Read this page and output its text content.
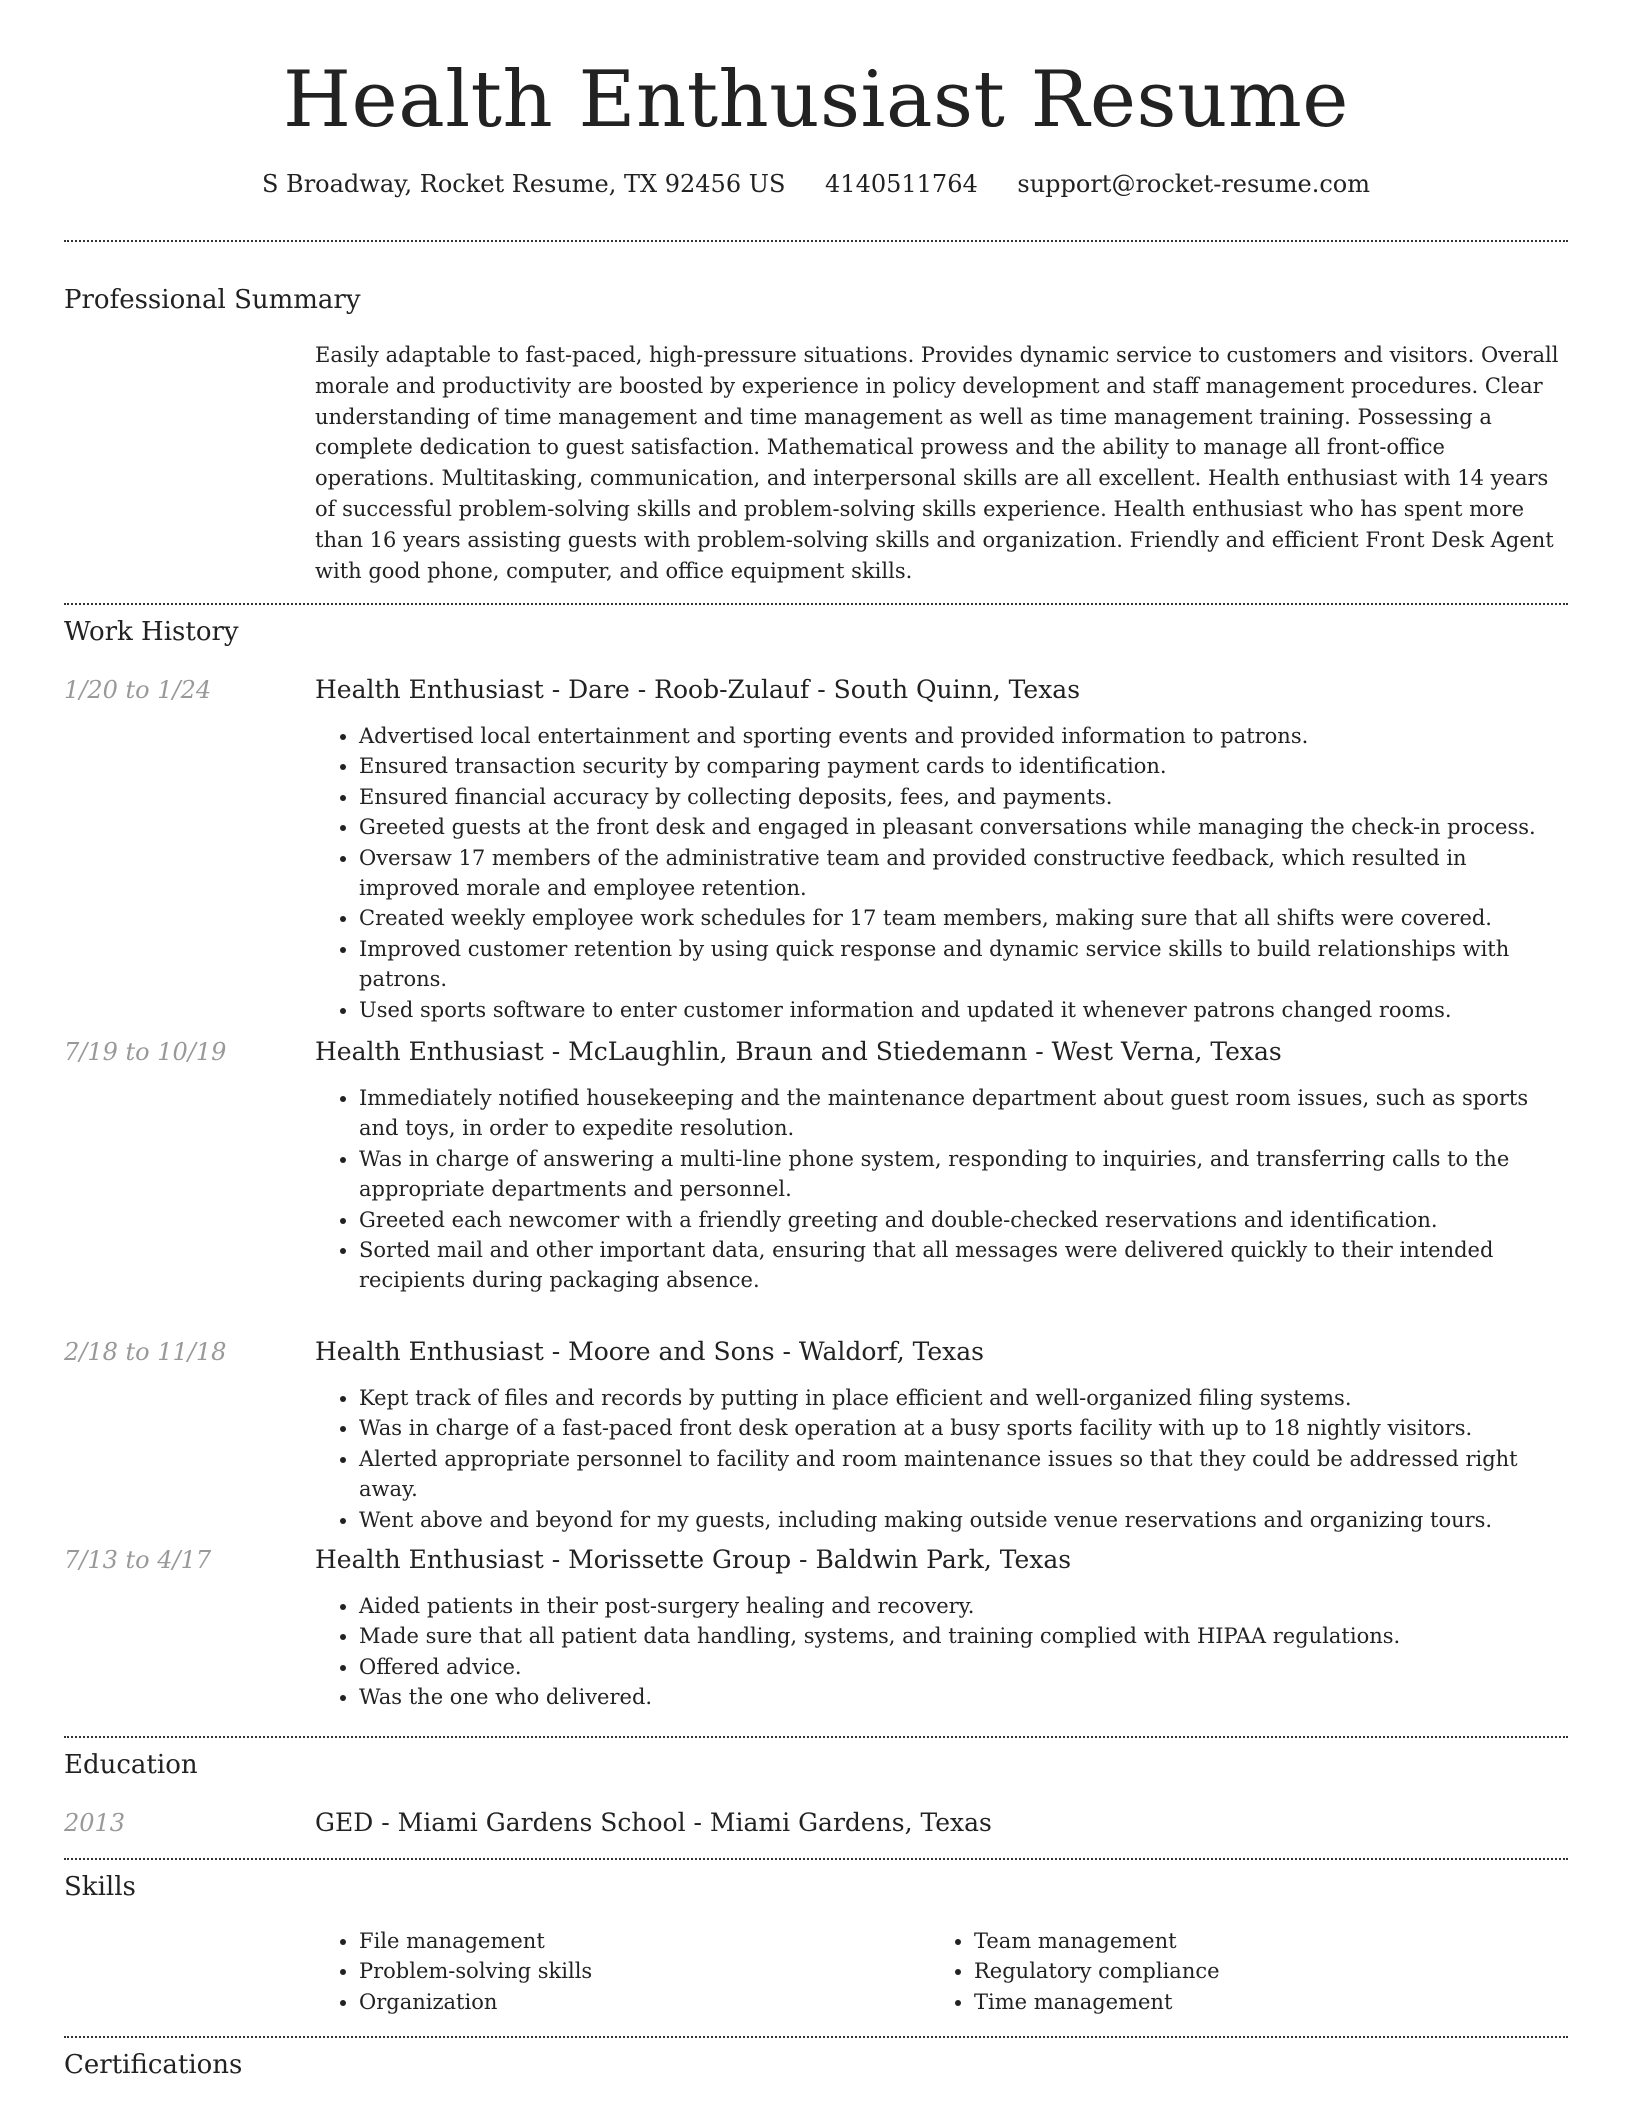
Health Enthusiast Resume
S Broadway, Rocket Resume, TX 92456 US 4140511764 support@rocket-resume.com
Professional Summary

Easily adaptable to fast-paced, high-pressure situations. Provides dynamic service to customers and visitors. Overall morale and productivity are boosted by experience in policy development and staff management procedures. Clear understanding of time management and time management as well as time management training. Possessing a complete dedication to guest satisfaction. Mathematical prowess and the ability to manage all front-office operations. Multitasking, communication, and interpersonal skills are all excellent. Health enthusiast with 14 years of successful problem-solving skills and problem-solving skills experience. Health enthusiast who has spent more than 16 years assisting guests with problem-solving skills and organization. Friendly and efficient Front Desk Agent with good phone, computer, and office equipment skills.

Work History
1/20 to 1/24	Health Enthusiast - Dare - Roob-Zulauf - South Quinn, Texas
• Advertised local entertainment and sporting events and provided information to patrons.
• Ensured transaction security by comparing payment cards to identification.
• Ensured financial accuracy by collecting deposits, fees, and payments.
• Greeted guests at the front desk and engaged in pleasant conversations while managing the check-in process.
• Oversaw 17 members of the administrative team and provided constructive feedback, which resulted in improved morale and employee retention.
• Created weekly employee work schedules for 17 team members, making sure that all shifts were covered.
• Improved customer retention by using quick response and dynamic service skills to build relationships with patrons.
• Used sports software to enter customer information and updated it whenever patrons changed rooms.
7/19 to 10/19	Health Enthusiast - McLaughlin, Braun and Stiedemann - West Verna, Texas
• Immediately notified housekeeping and the maintenance department about guest room issues, such as sports and toys, in order to expedite resolution.
• Was in charge of answering a multi-line phone system, responding to inquiries, and transferring calls to the appropriate departments and personnel.
• Greeted each newcomer with a friendly greeting and double-checked reservations and identification.
• Sorted mail and other important data, ensuring that all messages were delivered quickly to their intended recipients during packaging absence.
2/18 to 11/18	Health Enthusiast - Moore and Sons - Waldorf, Texas
• Kept track of files and records by putting in place efficient and well-organized filing systems.
• Was in charge of a fast-paced front desk operation at a busy sports facility with up to 18 nightly visitors.
• Alerted appropriate personnel to facility and room maintenance issues so that they could be addressed right away.
• Went above and beyond for my guests, including making outside venue reservations and organizing tours.
7/13 to 4/17	Health Enthusiast - Morissette Group - Baldwin Park, Texas
• Aided patients in their post-surgery healing and recovery.
• Made sure that all patient data handling, systems, and training complied with HIPAA regulations.
• Offered advice.
• Was the one who delivered.
Education
2013	GED - Miami Gardens School - Miami Gardens, Texas
Skills
• File management
• Problem-solving skills
• Organization
• Team management
• Regulatory compliance
• Time management
Certifications
